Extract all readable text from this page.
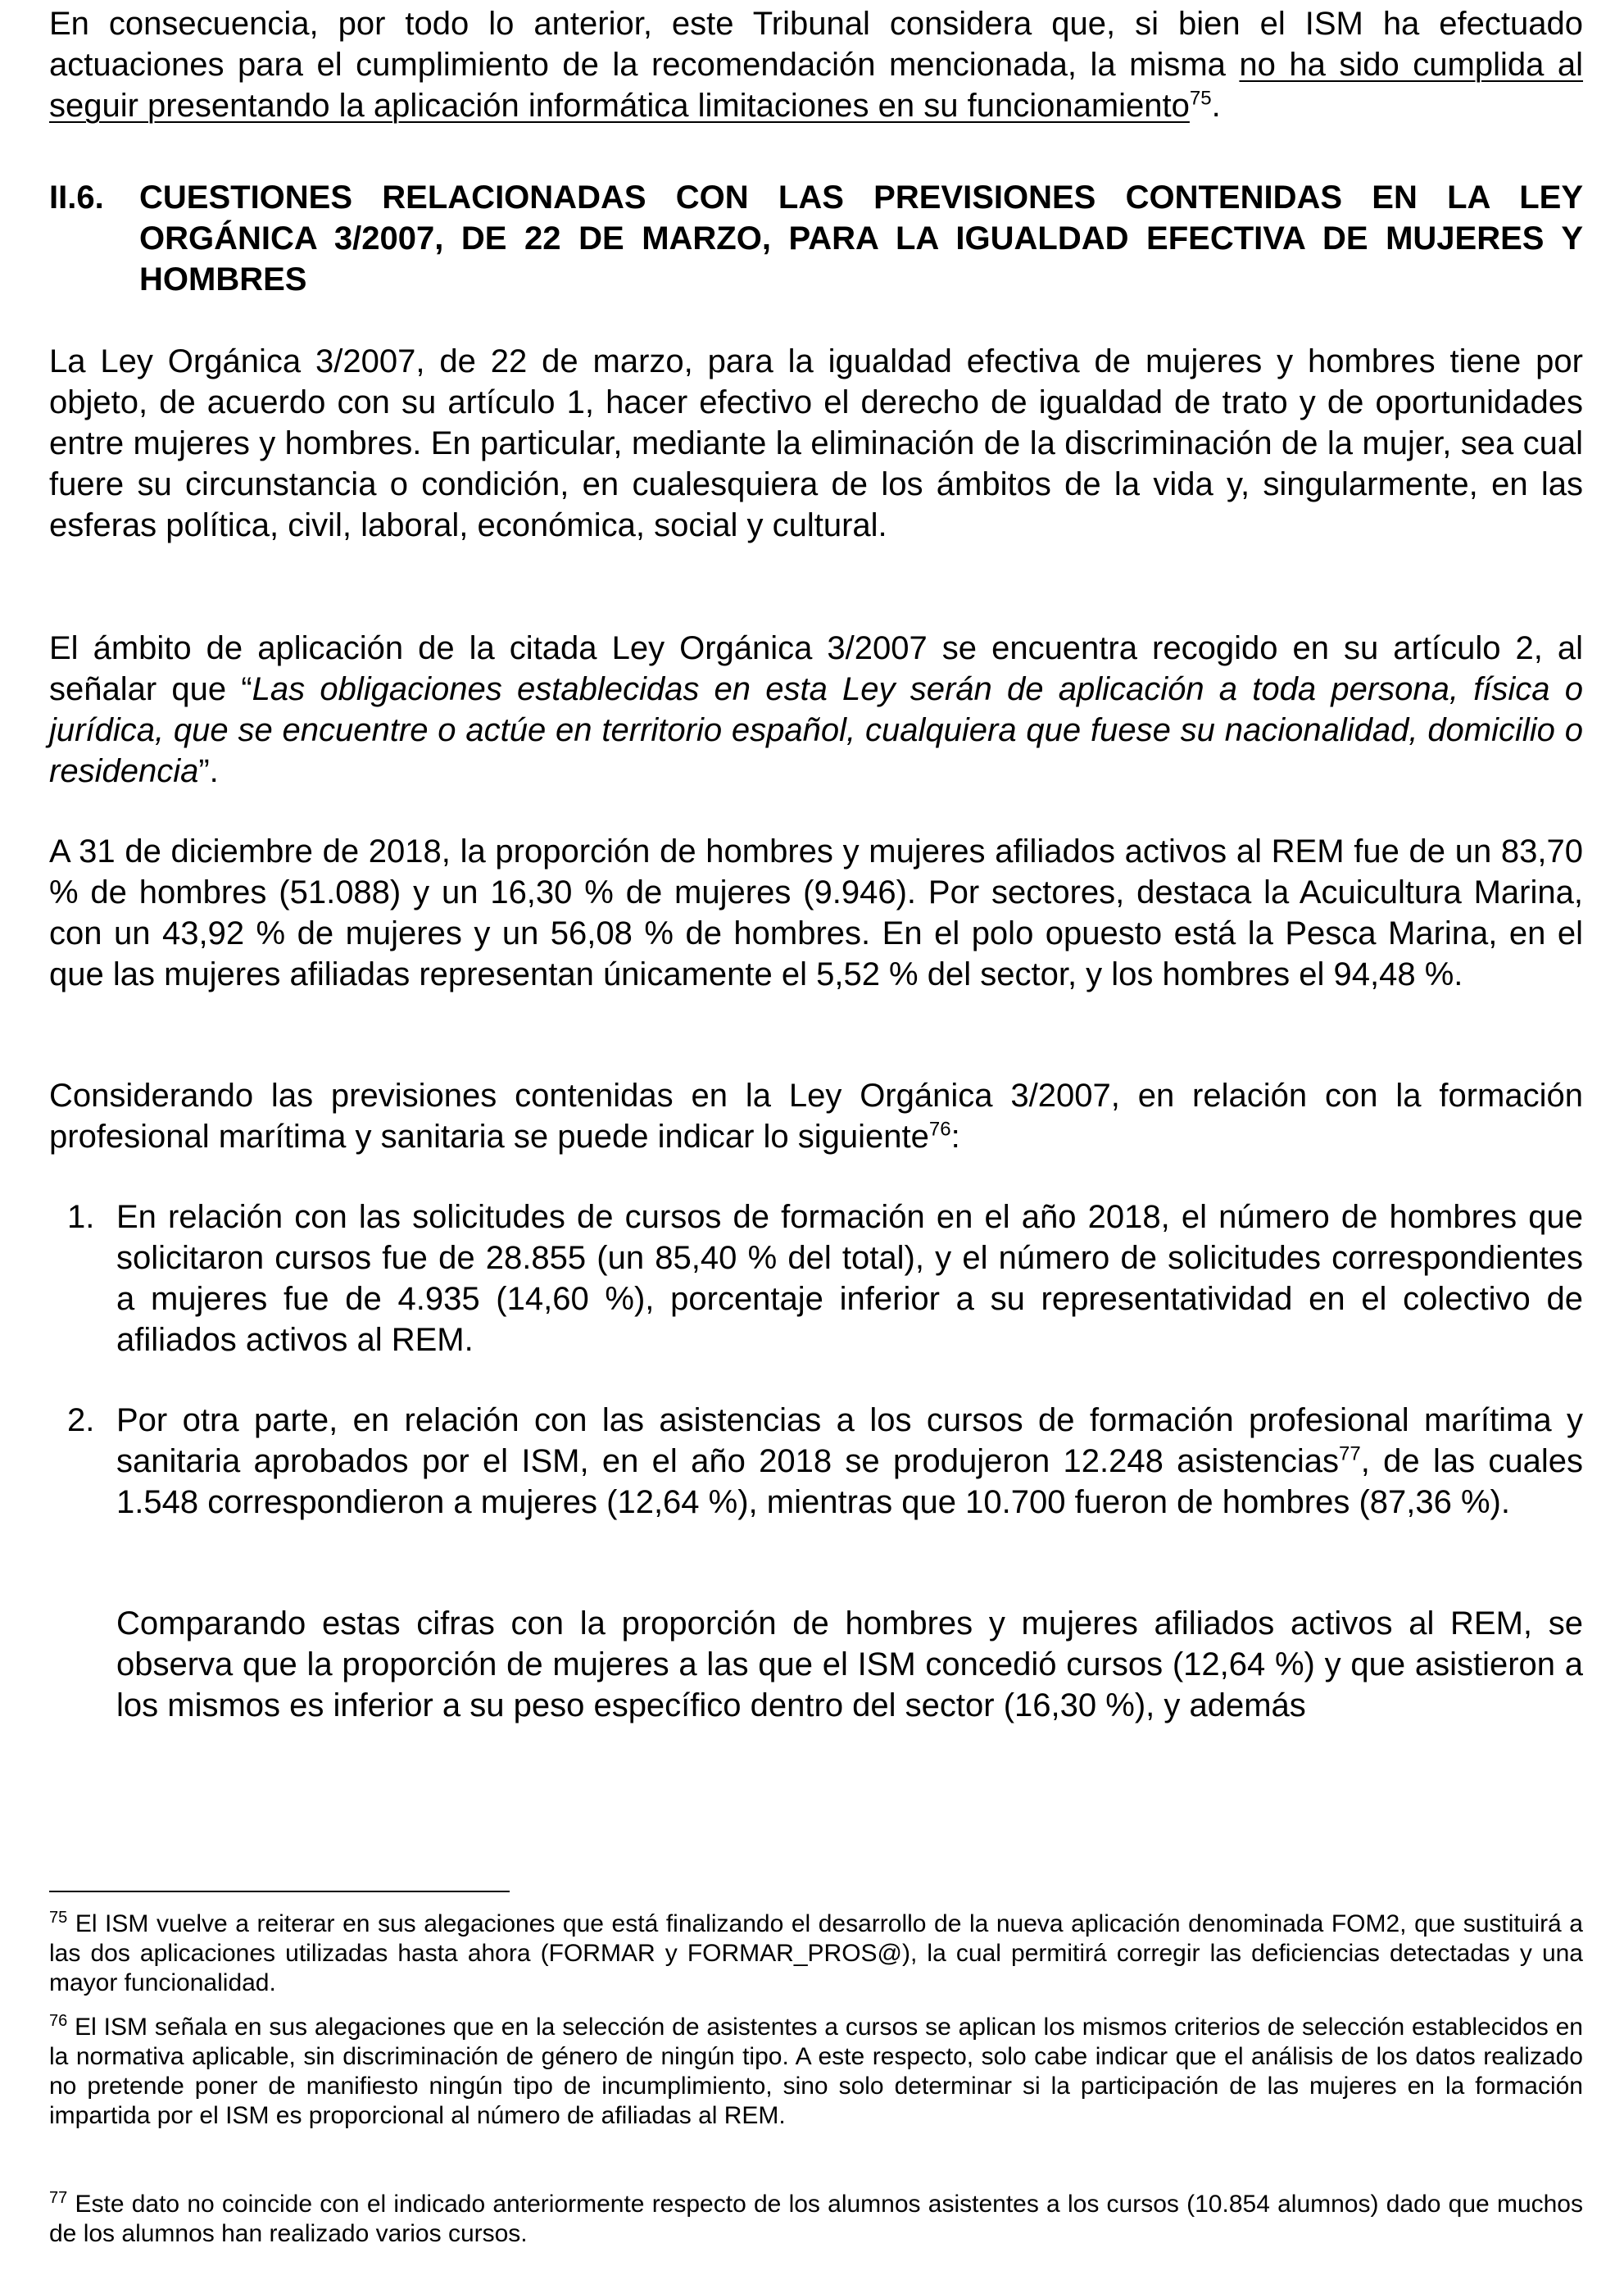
En consecuencia, por todo lo anterior, este Tribunal considera que, si bien el ISM ha efectuado actuaciones para el cumplimiento de la recomendación mencionada, la misma no ha sido cumplida al seguir presentando la aplicación informática limitaciones en su funcionamiento$^{75}$.
II.6. CUESTIONES RELACIONADAS CON LAS PREVISIONES CONTENIDAS EN LA LEY ORGÁNICA 3/2007, DE 22 DE MARZO, PARA LA IGUALDAD EFECTIVA DE MUJERES Y HOMBRES
La Ley Orgánica 3/2007, de 22 de marzo, para la igualdad efectiva de mujeres y hombres tiene por objeto, de acuerdo con su artículo 1, hacer efectivo el derecho de igualdad de trato y de oportunidades entre mujeres y hombres. En particular, mediante la eliminación de la discriminación de la mujer, sea cual fuere su circunstancia o condición, en cualesquiera de los ámbitos de la vida y, singularmente, en las esferas política, civil, laboral, económica, social y cultural.
El ámbito de aplicación de la citada Ley Orgánica 3/2007 se encuentra recogido en su artículo 2, al señalar que “Las obligaciones establecidas en esta Ley serán de aplicación a toda persona, física o jurídica, que se encuentre o actúe en territorio español, cualquiera que fuese su nacionalidad, domicilio o residencia”.
A 31 de diciembre de 2018, la proporción de hombres y mujeres afiliados activos al REM fue de un 83,70 % de hombres (51.088) y un 16,30 % de mujeres (9.946). Por sectores, destaca la Acuicultura Marina, con un 43,92 % de mujeres y un 56,08 % de hombres. En el polo opuesto está la Pesca Marina, en el que las mujeres afiliadas representan únicamente el 5,52 % del sector, y los hombres el 94,48 %.
Considerando las previsiones contenidas en la Ley Orgánica 3/2007, en relación con la formación profesional marítima y sanitaria se puede indicar lo siguiente$^{76}$:
1. En relación con las solicitudes de cursos de formación en el año 2018, el número de hombres que solicitaron cursos fue de 28.855 (un 85,40 % del total), y el número de solicitudes correspondientes a mujeres fue de 4.935 (14,60 %), porcentaje inferior a su representatividad en el colectivo de afiliados activos al REM.
2. Por otra parte, en relación con las asistencias a los cursos de formación profesional marítima y sanitaria aprobados por el ISM, en el año 2018 se produjeron 12.248 asistencias$^{77}$, de las cuales 1.548 correspondieron a mujeres (12,64 %), mientras que 10.700 fueron de hombres (87,36 %).
Comparando estas cifras con la proporción de hombres y mujeres afiliados activos al REM, se observa que la proporción de mujeres a las que el ISM concedió cursos (12,64 %) y que asistieron a los mismos es inferior a su peso específico dentro del sector (16,30 %), y además
$^{75}$ El ISM vuelve a reiterar en sus alegaciones que está finalizando el desarrollo de la nueva aplicación denominada FOM2, que sustituirá a las dos aplicaciones utilizadas hasta ahora (FORMAR y FORMAR_PROS@), la cual permitirá corregir las deficiencias detectadas y una mayor funcionalidad.
$^{76}$ El ISM señala en sus alegaciones que en la selección de asistentes a cursos se aplican los mismos criterios de selección establecidos en la normativa aplicable, sin discriminación de género de ningún tipo. A este respecto, solo cabe indicar que el análisis de los datos realizado no pretende poner de manifiesto ningún tipo de incumplimiento, sino solo determinar si la participación de las mujeres en la formación impartida por el ISM es proporcional al número de afiliadas al REM.
$^{77}$ Este dato no coincide con el indicado anteriormente respecto de los alumnos asistentes a los cursos (10.854 alumnos) dado que muchos de los alumnos han realizado varios cursos.
